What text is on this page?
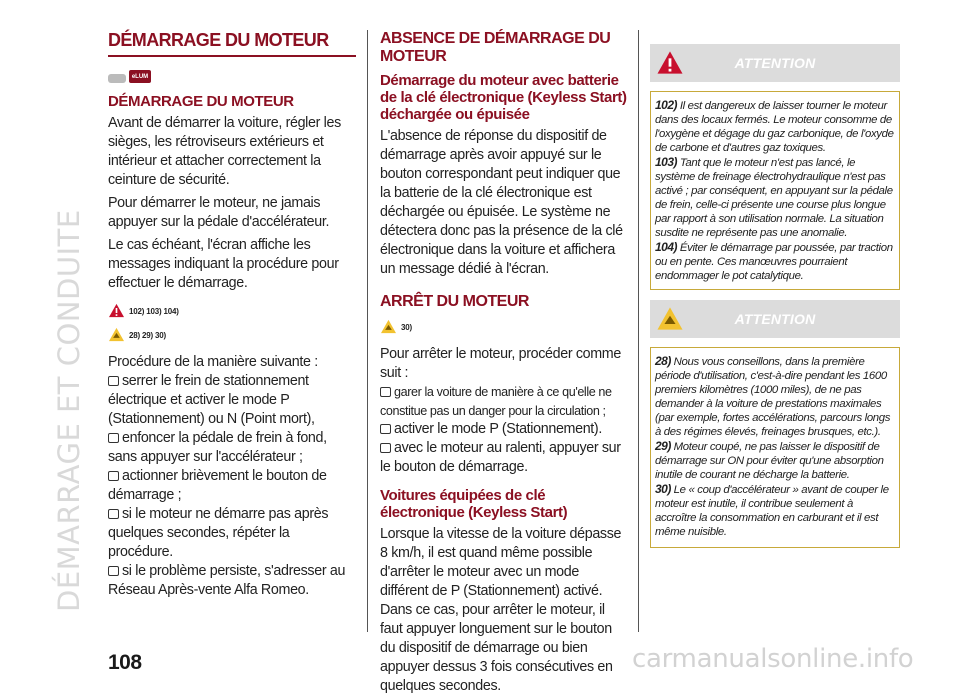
DÉMARRAGE ET CONDUITE
DÉMARRAGE DU MOTEUR
eLUM
DÉMARRAGE DU MOTEUR
Avant de démarrer la voiture, régler les sièges, les rétroviseurs extérieurs et intérieur et attacher correctement la ceinture de sécurité.
Pour démarrer le moteur, ne jamais appuyer sur la pédale d'accélérateur.
Le cas échéant, l'écran affiche les messages indiquant la procédure pour effectuer le démarrage.
102) 103) 104)
28) 29) 30)
Procédure de la manière suivante :
serrer le frein de stationnement électrique et activer le mode P (Stationnement) ou N (Point mort),
enfoncer la pédale de frein à fond, sans appuyer sur l'accélérateur ;
actionner brièvement le bouton de démarrage ;
si le moteur ne démarre pas après quelques secondes, répéter la procédure.
si le problème persiste, s'adresser au Réseau Après-vente Alfa Romeo.
ABSENCE DE DÉMARRAGE DU MOTEUR
Démarrage du moteur avec batterie de la clé électronique (Keyless Start) déchargée ou épuisée
L'absence de réponse du dispositif de démarrage après avoir appuyé sur le bouton correspondant peut indiquer que la batterie de la clé électronique est déchargée ou épuisée. Le système ne détectera donc pas la présence de la clé électronique dans la voiture et affichera un message dédié à l'écran.
ARRÊT DU MOTEUR
30)
Pour arrêter le moteur, procéder comme suit :
garer la voiture de manière à ce qu'elle ne constitue pas un danger pour la circulation ;
activer le mode P (Stationnement).
avec le moteur au ralenti, appuyer sur le bouton de démarrage.
Voitures équipées de clé électronique (Keyless Start)
Lorsque la vitesse de la voiture dépasse 8 km/h, il est quand même possible d'arrêter le moteur avec un mode différent de P (Stationnement) activé. Dans ce cas, pour arrêter le moteur, il faut appuyer longuement sur le bouton du dispositif de démarrage ou bien appuyer dessus 3 fois consécutives en quelques secondes.
ATTENTION
102) Il est dangereux de laisser tourner le moteur dans des locaux fermés. Le moteur consomme de l'oxygène et dégage du gaz carbonique, de l'oxyde de carbone et d'autres gaz toxiques.
103) Tant que le moteur n'est pas lancé, le système de freinage électrohydraulique n'est pas activé ; par conséquent, en appuyant sur la pédale de frein, celle-ci présente une course plus longue par rapport à son utilisation normale. La situation susdite ne représente pas une anomalie.
104) Éviter le démarrage par poussée, par traction ou en pente. Ces manœuvres pourraient endommager le pot catalytique.
ATTENTION
28) Nous vous conseillons, dans la première période d'utilisation, c'est-à-dire pendant les 1600 premiers kilomètres (1000 miles), de ne pas demander à la voiture de prestations maximales (par exemple, fortes accélérations, parcours longs à des régimes élevés, freinages brusques, etc.).
29) Moteur coupé, ne pas laisser le dispositif de démarrage sur ON pour éviter qu'une absorption inutile de courant ne décharge la batterie.
30) Le « coup d'accélérateur » avant de couper le moteur est inutile, il contribue seulement à accroître la consommation en carburant et il est même nuisible.
108	carmanualsonline.info
